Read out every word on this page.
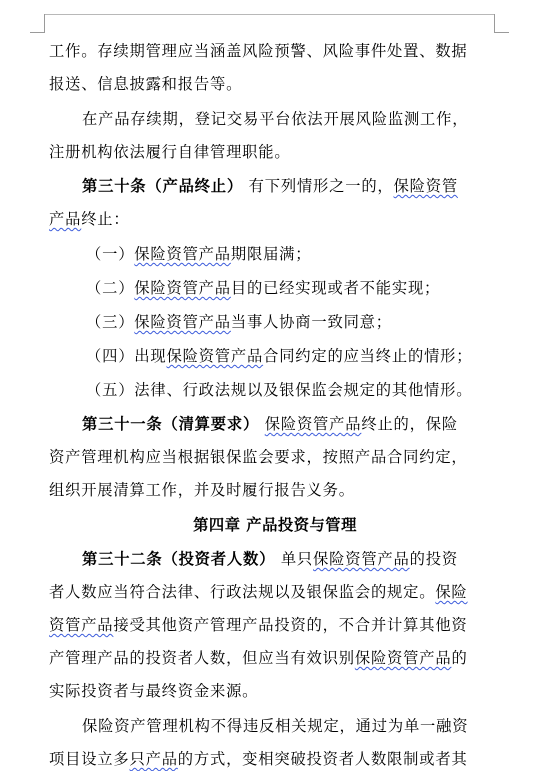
工作。存续期管理应当涵盖风险预警、风险事件处置、数据
报送、信息披露和报告等。
在产品存续期，登记交易平台依法开展风险监测工作，
注册机构依法履行自律管理职能。
第三十条（产品终止） 有下列情形之一的，保险资管
产品终止：
（一）保险资管产品期限届满；
（二）保险资管产品目的已经实现或者不能实现；
（三）保险资管产品当事人协商一致同意；
（四）出现保险资管产品合同约定的应当终止的情形；
（五）法律、行政法规以及银保监会规定的其他情形。
第三十一条（清算要求） 保险资管产品终止的，保险
资产管理机构应当根据银保监会要求，按照产品合同约定，
组织开展清算工作，并及时履行报告义务。
第四章 产品投资与管理
第三十二条（投资者人数） 单只保险资管产品的投资
者人数应当符合法律、行政法规以及银保监会的规定。保险
资管产品接受其他资产管理产品投资的，不合并计算其他资
产管理产品的投资者人数，但应当有效识别保险资管产品的
实际投资者与最终资金来源。
保险资产管理机构不得违反相关规定，通过为单一融资
项目设立多只产品的方式，变相突破投资者人数限制或者其
